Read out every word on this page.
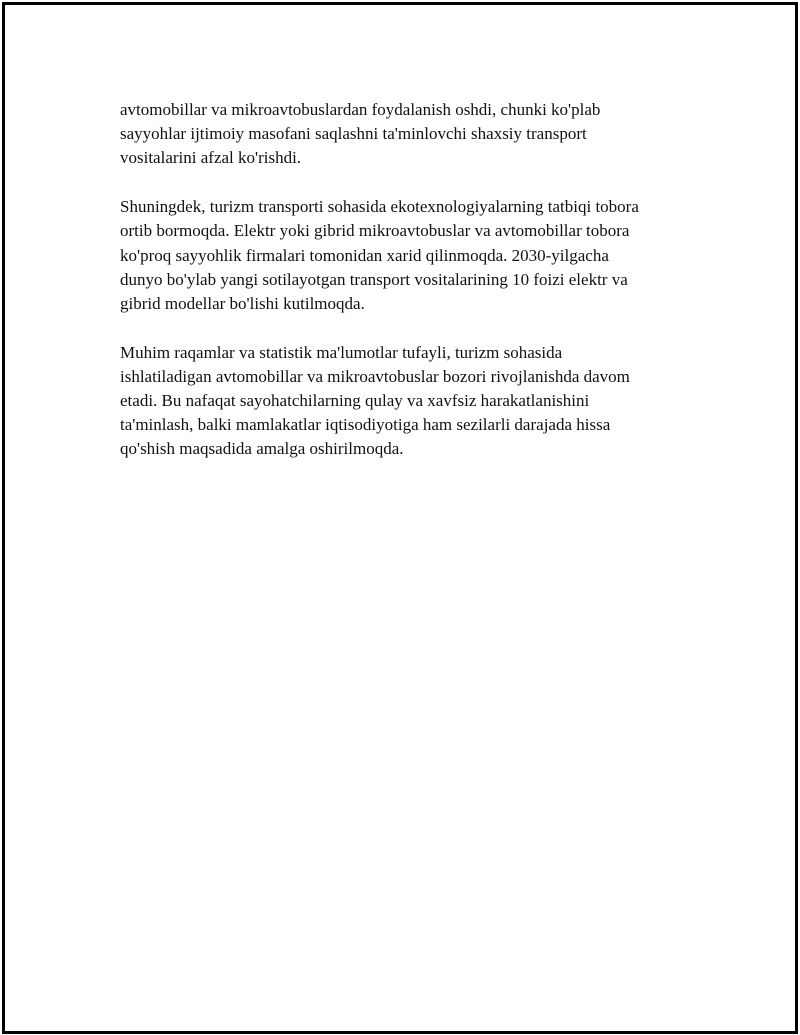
avtomobillar va mikroavtobuslardan foydalanish oshdi, chunki ko'plab
sayyohlar ijtimoiy masofani saqlashni ta'minlovchi shaxsiy transport
vositalarini afzal ko'rishdi.

Shuningdek, turizm transporti sohasida ekotexnologiyalarning tatbiqi tobora
ortib bormoqda. Elektr yoki gibrid mikroavtobuslar va avtomobillar tobora
ko'proq sayyohlik firmalari tomonidan xarid qilinmoqda. 2030-yilgacha
dunyo bo'ylab yangi sotilayotgan transport vositalarining 10 foizi elektr va
gibrid modellar bo'lishi kutilmoqda.

Muhim raqamlar va statistik ma'lumotlar tufayli, turizm sohasida
ishlatiladigan avtomobillar va mikroavtobuslar bozori rivojlanishda davom
etadi. Bu nafaqat sayohatchilarning qulay va xavfsiz harakatlanishini
ta'minlash, balki mamlakatlar iqtisodiyotiga ham sezilarli darajada hissa
qo'shish maqsadida amalga oshirilmoqda.
